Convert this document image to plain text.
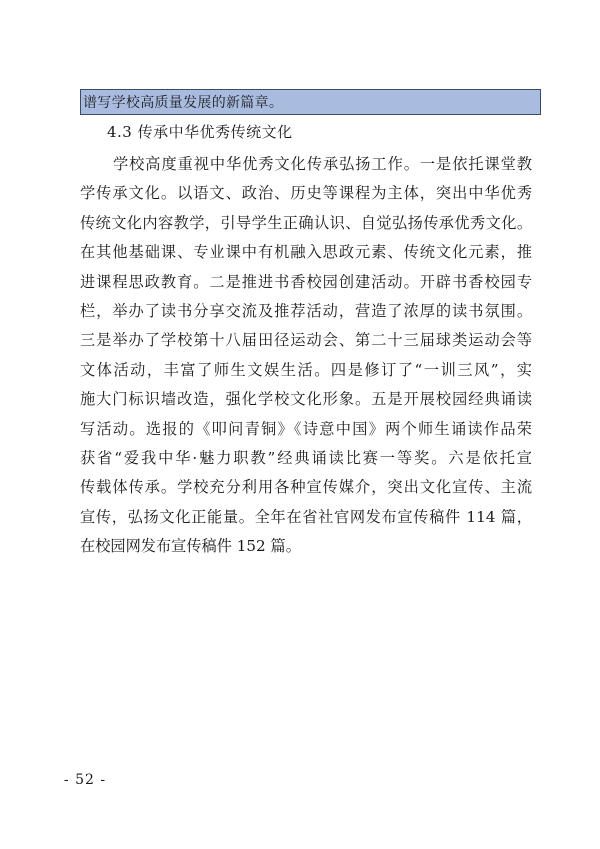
谱写学校高质量发展的新篇章。
4.3 传承中华优秀传统文化
学校高度重视中华优秀文化传承弘扬工作。一是依托课堂教
学传承文化。以语文、政治、历史等课程为主体，突出中华优秀
传统文化内容教学，引导学生正确认识、自觉弘扬传承优秀文化。
在其他基础课、专业课中有机融入思政元素、传统文化元素，推
进课程思政教育。二是推进书香校园创建活动。开辟书香校园专
栏，举办了读书分享交流及推荐活动，营造了浓厚的读书氛围。
三是举办了学校第十八届田径运动会、第二十三届球类运动会等
文体活动，丰富了师生文娱生活。四是修订了“一训三风”，实
施大门标识墙改造，强化学校文化形象。五是开展校园经典诵读
写活动。选报的《叩问青铜》《诗意中国》两个师生诵读作品荣
获省“爱我中华·魅力职教”经典诵读比赛一等奖。六是依托宣
传载体传承。学校充分利用各种宣传媒介，突出文化宣传、主流
宣传，弘扬文化正能量。全年在省社官网发布宣传稿件 114 篇，
在校园网发布宣传稿件 152 篇。
- 52 -
